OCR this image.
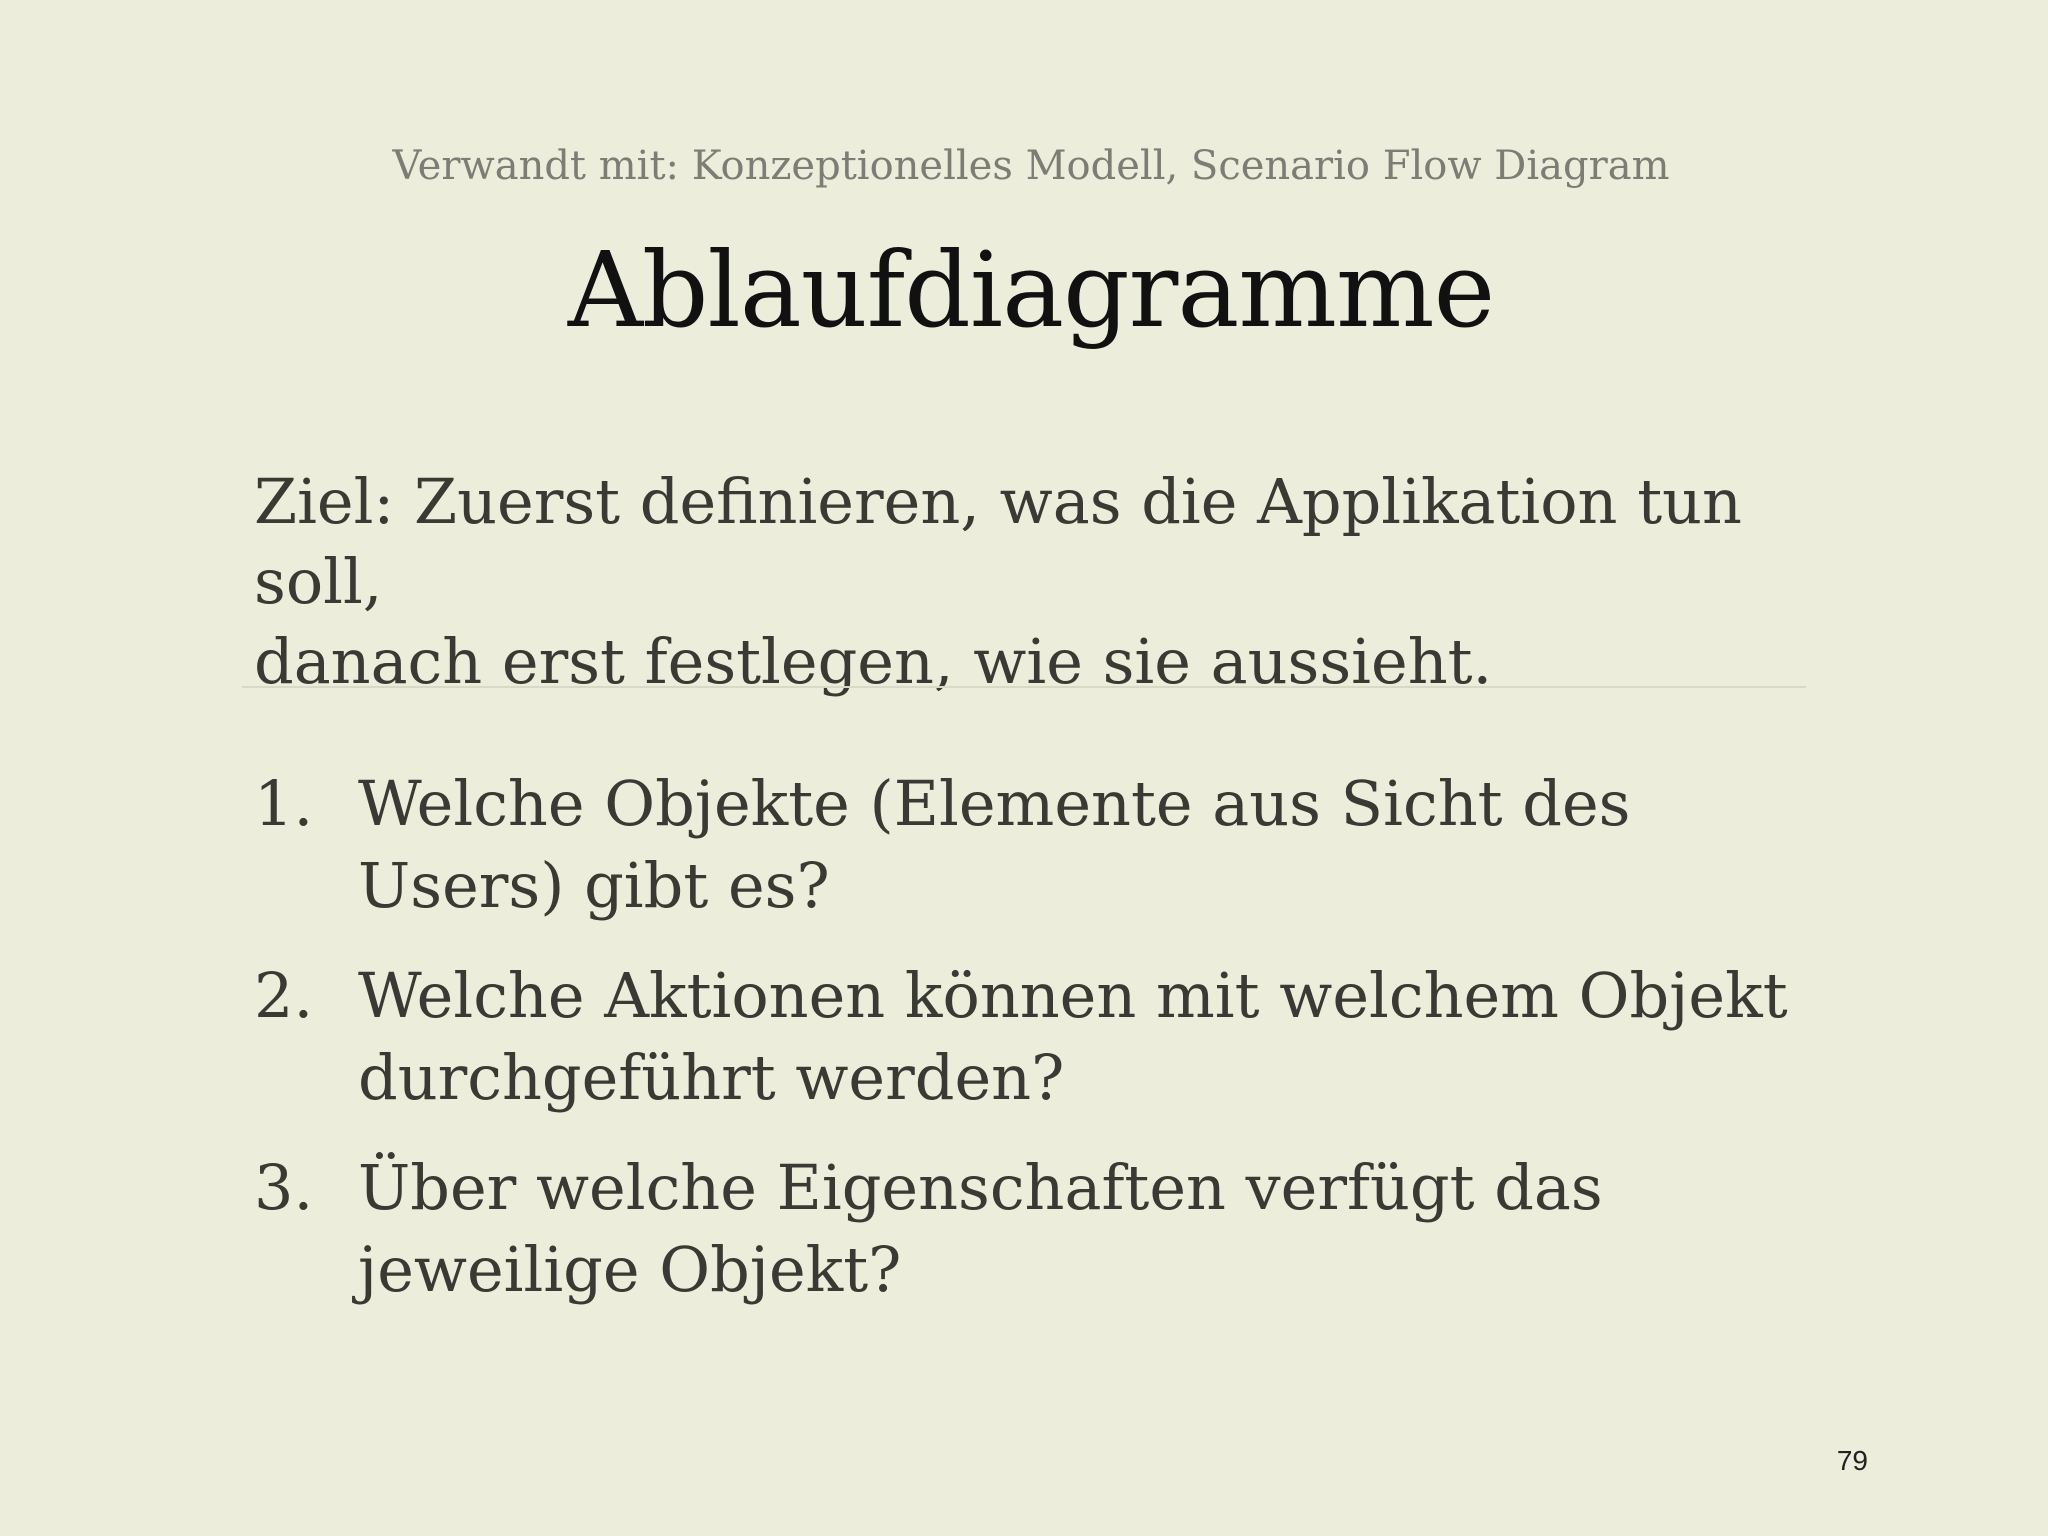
Verwandt mit: Konzeptionelles Modell, Scenario Flow Diagram
Ablaufdiagramme

Ziel: Zuerst definieren, was die Applikation tun soll,
danach erst festlegen, wie sie aussieht.

1. Welche Objekte (Elemente aus Sicht des Users) gibt es?
2. Welche Aktionen können mit welchem Objekt durchgeführt werden?
3. Über welche Eigenschaften verfügt das jeweilige Objekt?
79
